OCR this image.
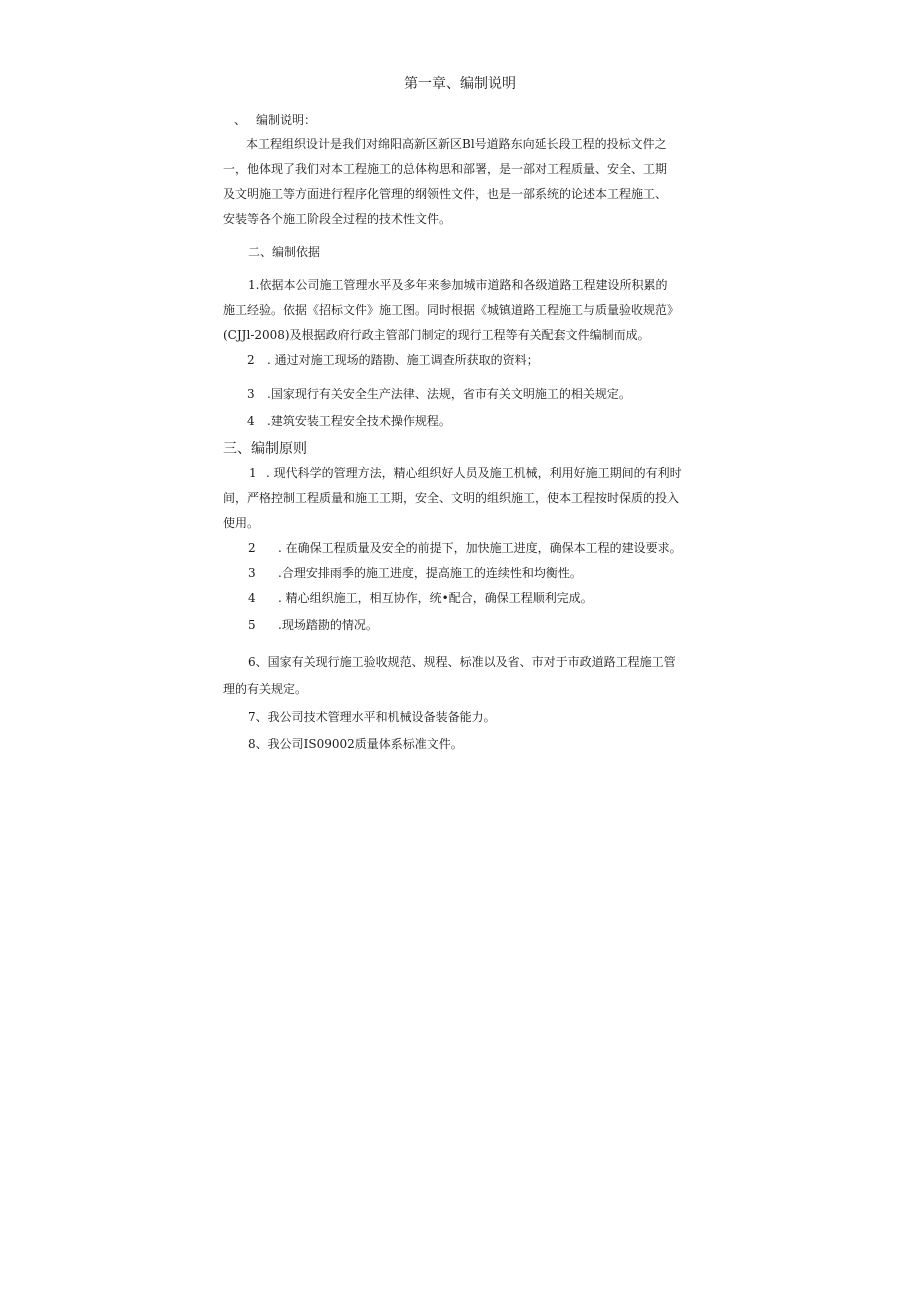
第一章、编制说明
、 编制说明：
本工程组织设计是我们对绵阳高新区新区Bl号道路东向延长段工程的投标文件之
一，他体现了我们对本工程施工的总体构思和部署，是一部对工程质量、安全、工期
及文明施工等方面进行程序化管理的纲领性文件，也是一部系统的论述本工程施工、
安装等各个施工阶段全过程的技术性文件。
二、编制依据
1.依据本公司施工管理水平及多年来参加城市道路和各级道路工程建设所积累的
施工经验。依据《招标文件》施工图。同时根据《城镇道路工程施工与质量验收规范》
(CJJl-2008)及根据政府行政主管部门制定的现行工程等有关配套文件编制而成。
2 . 通过对施工现场的踏勘、施工调查所获取的资料；
3 .国家现行有关安全生产法律、法规，省市有关文明施工的相关规定。
4 .建筑安装工程安全技术操作规程。
三、编制原则
1 . 现代科学的管理方法，精心组织好人员及施工机械，利用好施工期间的有利时
间，严格控制工程质量和施工工期，安全、文明的组织施工，使本工程按时保质的投入
使用。
2 . 在确保工程质量及安全的前提下，加快施工进度，确保本工程的建设要求。
3 .合理安排雨季的施工进度，提高施工的连续性和均衡性。
4 . 精心组织施工，相互协作，统•配合，确保工程顺利完成。
5 .现场踏勘的情况。
6、国家有关现行施工验收规范、规程、标准以及省、市对于市政道路工程施工管
理的有关规定。
7、我公司技术管理水平和机械设备装备能力。
8、我公司IS09002质量体系标准文件。
